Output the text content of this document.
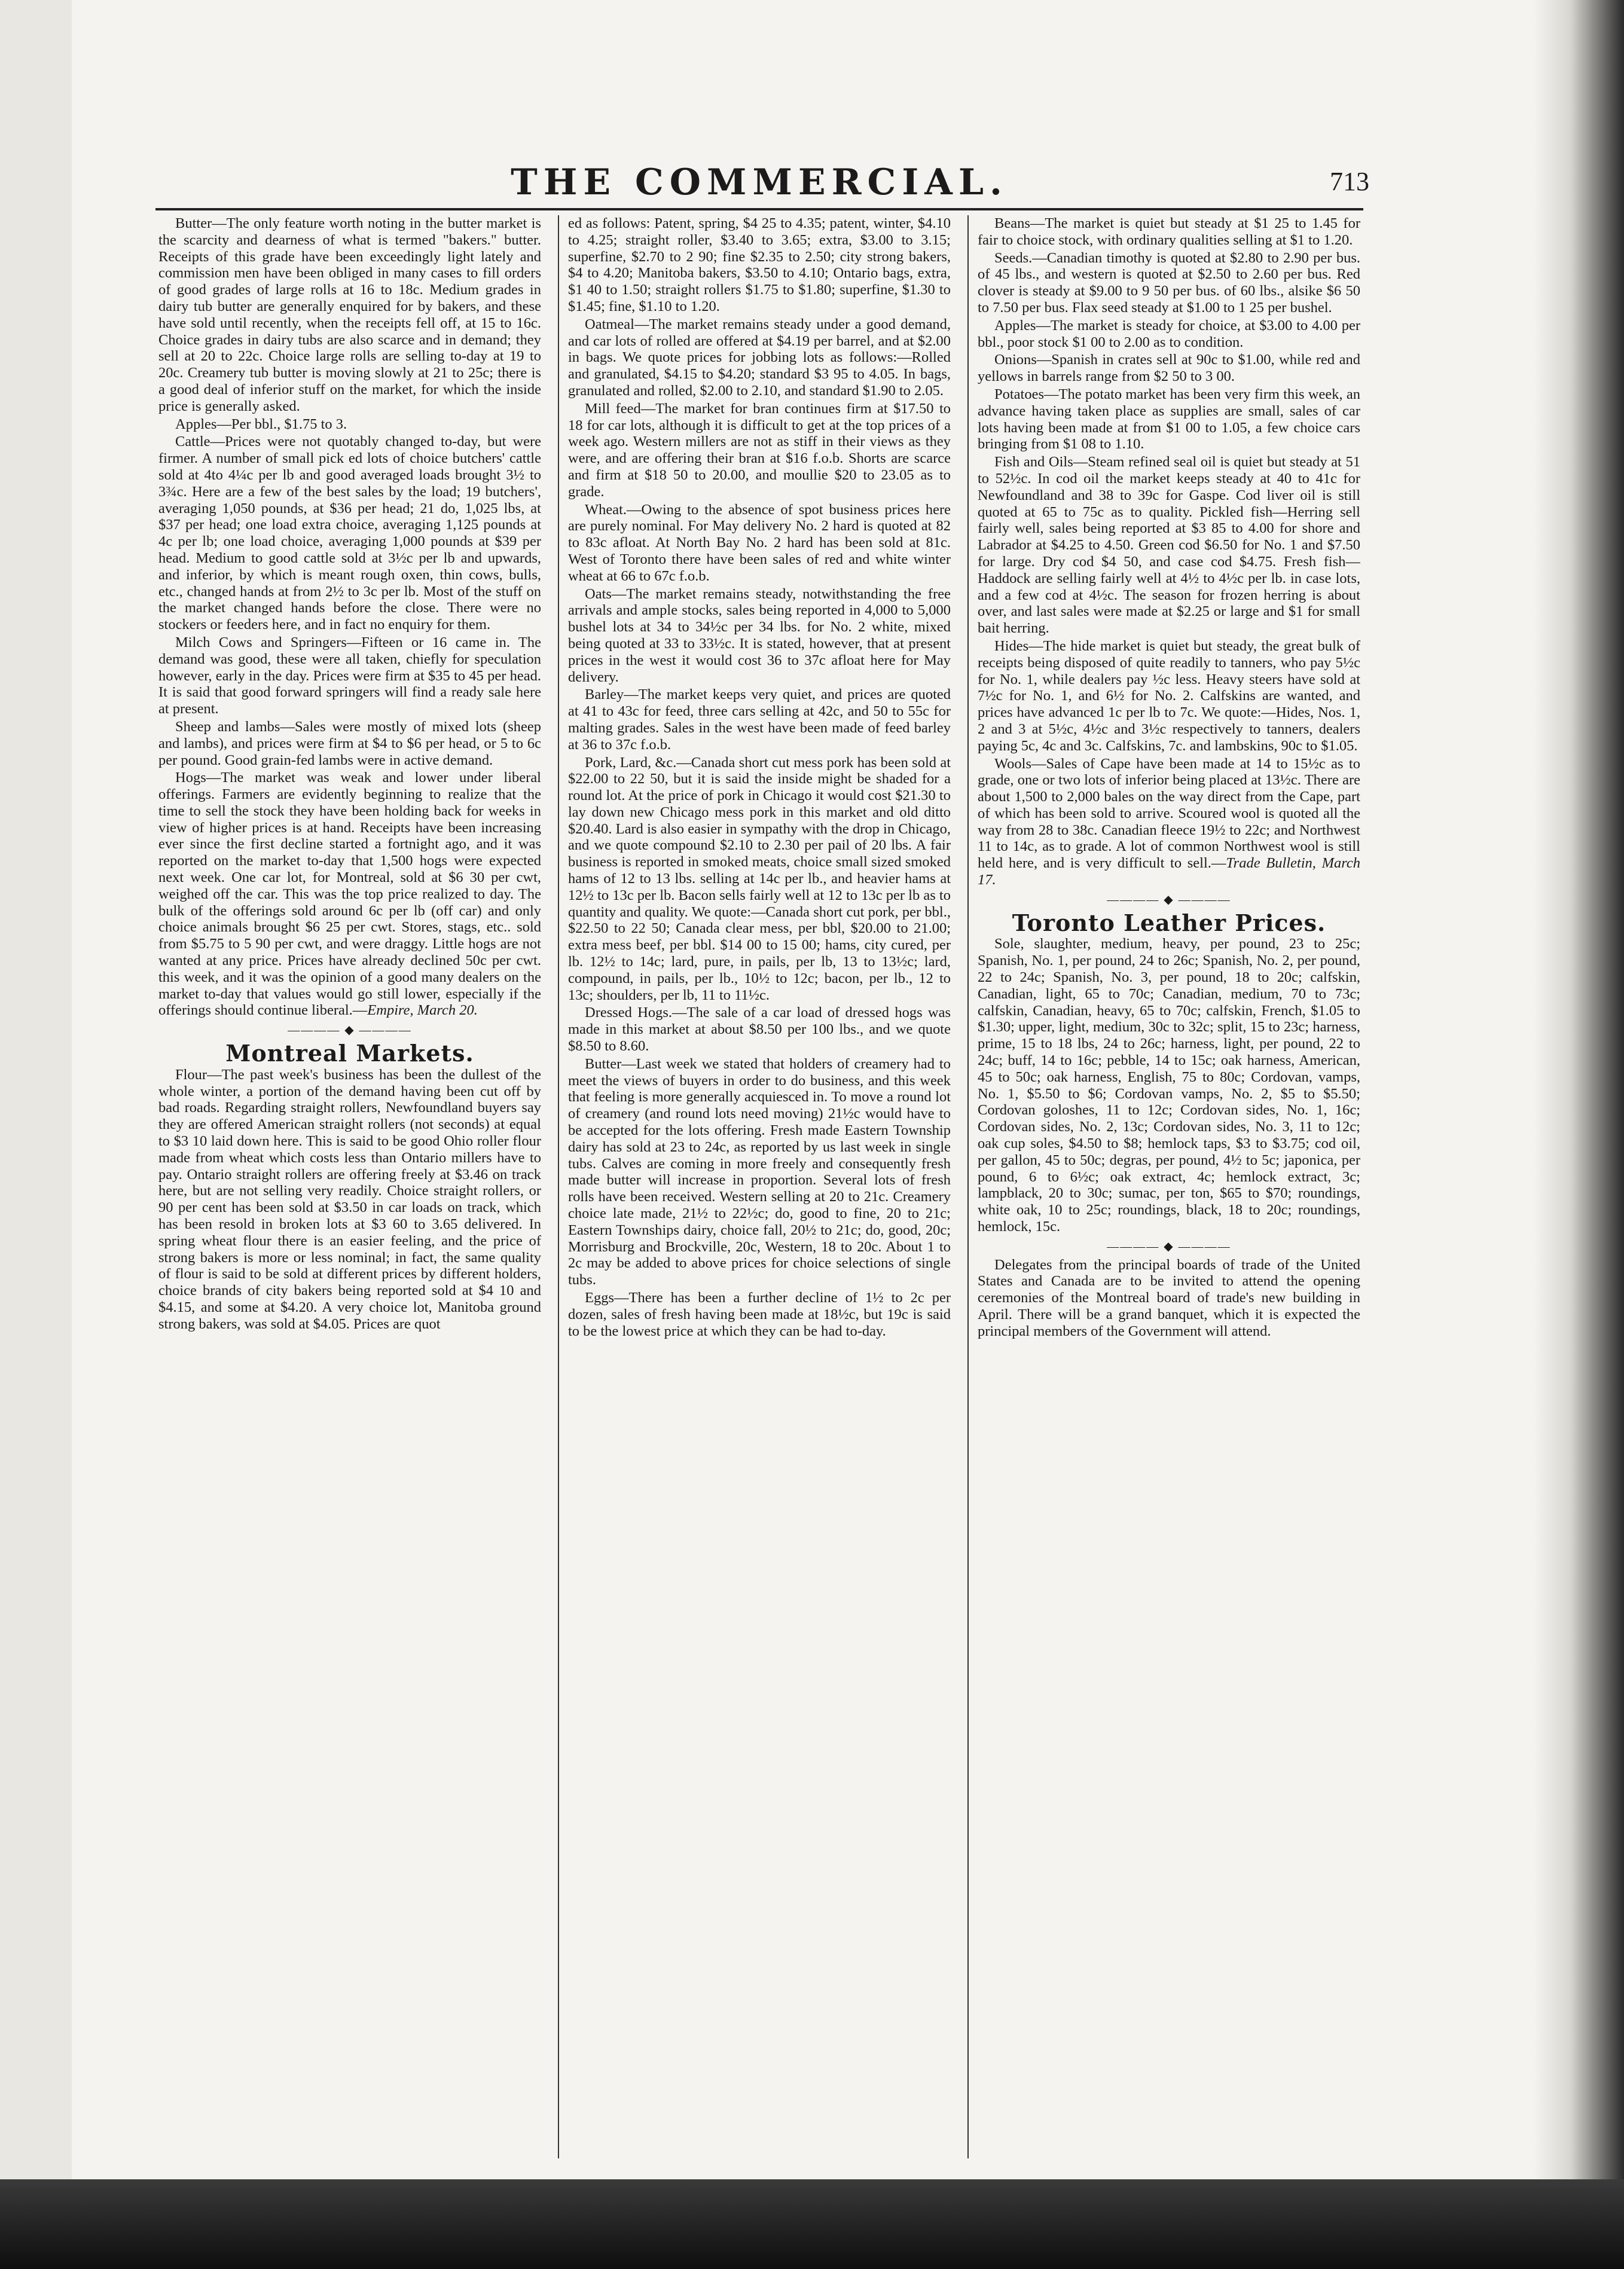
THE COMMERCIAL.	713

Butter—The only feature worth noting in the butter market is the scarcity and dearness of what is termed "bakers." butter. Receipts of this grade have been exceedingly light lately and commission men have been obliged in many cases to fill orders of good grades of large rolls at 16 to 18c. Medium grades in dairy tub butter are generally enquired for by bakers, and these have sold until recently, when the receipts fell off, at 15 to 16c. Choice grades in dairy tubs are also scarce and in demand; they sell at 20 to 22c. Choice large rolls are selling to-day at 19 to 20c. Creamery tub butter is moving slowly at 21 to 25c; there is a good deal of inferior stuff on the market, for which the inside price is generally asked.

Apples—Per bbl., $1.75 to 3.

Cattle—Prices were not quotably changed to-day, but were firmer. A number of small pick ed lots of choice butchers' cattle sold at 4to 4¼c per lb and good averaged loads brought 3½ to 3¾c. Here are a few of the best sales by the load; 19 butchers', averaging 1,050 pounds, at $36 per head; 21 do, 1,025 lbs, at $37 per head; one load extra choice, averaging 1,125 pounds at 4c per lb; one load choice, averaging 1,000 pounds at $39 per head. Medium to good cattle sold at 3½c per lb and upwards, and inferior, by which is meant rough oxen, thin cows, bulls, etc., changed hands at from 2½ to 3c per lb. Most of the stuff on the market changed hands before the close. There were no stockers or feeders here, and in fact no enquiry for them.

Milch Cows and Springers—Fifteen or 16 came in. The demand was good, these were all taken, chiefly for speculation however, early in the day. Prices were firm at $35 to 45 per head. It is said that good forward springers will find a ready sale here at present.

Sheep and lambs—Sales were mostly of mixed lots (sheep and lambs), and prices were firm at $4 to $6 per head, or 5 to 6c per pound. Good grain-fed lambs were in active demand.

Hogs—The market was weak and lower under liberal offerings. Farmers are evidently beginning to realize that the time to sell the stock they have been holding back for weeks in view of higher prices is at hand. Receipts have been increasing ever since the first decline started a fortnight ago, and it was reported on the market to-day that 1,500 hogs were expected next week. One car lot, for Montreal, sold at $6 30 per cwt, weighed off the car. This was the top price realized to day. The bulk of the offerings sold around 6c per lb (off car) and only choice animals brought $6 25 per cwt. Stores, stags, etc.. sold from $5.75 to 5 90 per cwt, and were draggy. Little hogs are not wanted at any price. Prices have already declined 50c per cwt. this week, and it was the opinion of a good many dealers on the market to-day that values would go still lower, especially if the offerings should continue liberal.—Empire, March 20.

———— ◆ ————
Montreal Markets.

Flour—The past week's business has been the dullest of the whole winter, a portion of the demand having been cut off by bad roads. Regarding straight rollers, Newfoundland buyers say they are offered American straight rollers (not seconds) at equal to $3 10 laid down here. This is said to be good Ohio roller flour made from wheat which costs less than Ontario millers have to pay. Ontario straight rollers are offering freely at $3.46 on track here, but are not selling very readily. Choice straight rollers, or 90 per cent has been sold at $3.50 in car loads on track, which has been resold in broken lots at $3 60 to 3.65 delivered. In spring wheat flour there is an easier feeling, and the price of strong bakers is more or less nominal; in fact, the same quality of flour is said to be sold at different prices by different holders, choice brands of city bakers being reported sold at $4 10 and $4.15, and some at $4.20. A very choice lot, Manitoba ground strong bakers, was sold at $4.05. Prices are quot

ed as follows: Patent, spring, $4 25 to 4.35; patent, winter, $4.10 to 4.25; straight roller, $3.40 to 3.65; extra, $3.00 to 3.15; superfine, $2.70 to 2 90; fine $2.35 to 2.50; city strong bakers, $4 to 4.20; Manitoba bakers, $3.50 to 4.10; Ontario bags, extra, $1 40 to 1.50; straight rollers $1.75 to $1.80; superfine, $1.30 to $1.45; fine, $1.10 to 1.20.

Oatmeal—The market remains steady under a good demand, and car lots of rolled are offered at $4.19 per barrel, and at $2.00 in bags. We quote prices for jobbing lots as follows:—Rolled and granulated, $4.15 to $4.20; standard $3 95 to 4.05. In bags, granulated and rolled, $2.00 to 2.10, and standard $1.90 to 2.05.

Mill feed—The market for bran continues firm at $17.50 to 18 for car lots, although it is difficult to get at the top prices of a week ago. Western millers are not as stiff in their views as they were, and are offering their bran at $16 f.o.b. Shorts are scarce and firm at $18 50 to 20.00, and moullie $20 to 23.05 as to grade.

Wheat.—Owing to the absence of spot business prices here are purely nominal. For May delivery No. 2 hard is quoted at 82 to 83c afloat. At North Bay No. 2 hard has been sold at 81c. West of Toronto there have been sales of red and white winter wheat at 66 to 67c f.o.b.

Oats—The market remains steady, notwithstanding the free arrivals and ample stocks, sales being reported in 4,000 to 5,000 bushel lots at 34 to 34½c per 34 lbs. for No. 2 white, mixed being quoted at 33 to 33½c. It is stated, however, that at present prices in the west it would cost 36 to 37c afloat here for May delivery.

Barley—The market keeps very quiet, and prices are quoted at 41 to 43c for feed, three cars selling at 42c, and 50 to 55c for malting grades. Sales in the west have been made of feed barley at 36 to 37c f.o.b.

Pork, Lard, &c.—Canada short cut mess pork has been sold at $22.00 to 22 50, but it is said the inside might be shaded for a round lot. At the price of pork in Chicago it would cost $21.30 to lay down new Chicago mess pork in this market and old ditto $20.40. Lard is also easier in sympathy with the drop in Chicago, and we quote compound $2.10 to 2.30 per pail of 20 lbs. A fair business is reported in smoked meats, choice small sized smoked hams of 12 to 13 lbs. selling at 14c per lb., and heavier hams at 12½ to 13c per lb. Bacon sells fairly well at 12 to 13c per lb as to quantity and quality. We quote:—Canada short cut pork, per bbl., $22.50 to 22 50; Canada clear mess, per bbl, $20.00 to 21.00; extra mess beef, per bbl. $14 00 to 15 00; hams, city cured, per lb. 12½ to 14c; lard, pure, in pails, per lb, 13 to 13½c; lard, compound, in pails, per lb., 10½ to 12c; bacon, per lb., 12 to 13c; shoulders, per lb, 11 to 11½c.

Dressed Hogs.—The sale of a car load of dressed hogs was made in this market at about $8.50 per 100 lbs., and we quote $8.50 to 8.60.

Butter—Last week we stated that holders of creamery had to meet the views of buyers in order to do business, and this week that feeling is more generally acquiesced in. To move a round lot of creamery (and round lots need moving) 21½c would have to be accepted for the lots offering. Fresh made Eastern Township dairy has sold at 23 to 24c, as reported by us last week in single tubs. Calves are coming in more freely and consequently fresh made butter will increase in proportion. Several lots of fresh rolls have been received. Western selling at 20 to 21c. Creamery choice late made, 21½ to 22½c; do, good to fine, 20 to 21c; Eastern Townships dairy, choice fall, 20½ to 21c; do, good, 20c; Morrisburg and Brockville, 20c, Western, 18 to 20c. About 1 to 2c may be added to above prices for choice selections of single tubs.

Eggs—There has been a further decline of 1½ to 2c per dozen, sales of fresh having been made at 18½c, but 19c is said to be the lowest price at which they can be had to-day.

Beans—The market is quiet but steady at $1 25 to 1.45 for fair to choice stock, with ordinary qualities selling at $1 to 1.20.

Seeds.—Canadian timothy is quoted at $2.80 to 2.90 per bus. of 45 lbs., and western is quoted at $2.50 to 2.60 per bus. Red clover is steady at $9.00 to 9 50 per bus. of 60 lbs., alsike $6 50 to 7.50 per bus. Flax seed steady at $1.00 to 1 25 per bushel.

Apples—The market is steady for choice, at $3.00 to 4.00 per bbl., poor stock $1 00 to 2.00 as to condition.

Onions—Spanish in crates sell at 90c to $1.00, while red and yellows in barrels range from $2 50 to 3 00.

Potatoes—The potato market has been very firm this week, an advance having taken place as supplies are small, sales of car lots having been made at from $1 00 to 1.05, a few choice cars bringing from $1 08 to 1.10.

Fish and Oils—Steam refined seal oil is quiet but steady at 51 to 52½c. In cod oil the market keeps steady at 40 to 41c for Newfoundland and 38 to 39c for Gaspe. Cod liver oil is still quoted at 65 to 75c as to quality. Pickled fish—Herring sell fairly well, sales being reported at $3 85 to 4.00 for shore and Labrador at $4.25 to 4.50. Green cod $6.50 for No. 1 and $7.50 for large. Dry cod $4 50, and case cod $4.75. Fresh fish—Haddock are selling fairly well at 4½ to 4½c per lb. in case lots, and a few cod at 4½c. The season for frozen herring is about over, and last sales were made at $2.25 or large and $1 for small bait herring.

Hides—The hide market is quiet but steady, the great bulk of receipts being disposed of quite readily to tanners, who pay 5½c for No. 1, while dealers pay ½c less. Heavy steers have sold at 7½c for No. 1, and 6½ for No. 2. Calfskins are wanted, and prices have advanced 1c per lb to 7c. We quote:—Hides, Nos. 1, 2 and 3 at 5½c, 4½c and 3½c respectively to tanners, dealers paying 5c, 4c and 3c. Calfskins, 7c. and lambskins, 90c to $1.05.

Wools—Sales of Cape have been made at 14 to 15½c as to grade, one or two lots of inferior being placed at 13½c. There are about 1,500 to 2,000 bales on the way direct from the Cape, part of which has been sold to arrive. Scoured wool is quoted all the way from 28 to 38c. Canadian fleece 19½ to 22c; and Northwest 11 to 14c, as to grade. A lot of common Northwest wool is still held here, and is very difficult to sell.—Trade Bulletin, March 17.

———— ◆ ————
Toronto Leather Prices.

Sole, slaughter, medium, heavy, per pound, 23 to 25c; Spanish, No. 1, per pound, 24 to 26c; Spanish, No. 2, per pound, 22 to 24c; Spanish, No. 3, per pound, 18 to 20c; calfskin, Canadian, light, 65 to 70c; Canadian, medium, 70 to 73c; calfskin, Canadian, heavy, 65 to 70c; calfskin, French, $1.05 to $1.30; upper, light, medium, 30c to 32c; split, 15 to 23c; harness, prime, 15 to 18 lbs, 24 to 26c; harness, light, per pound, 22 to 24c; buff, 14 to 16c; pebble, 14 to 15c; oak harness, American, 45 to 50c; oak harness, English, 75 to 80c; Cordovan, vamps, No. 1, $5.50 to $6; Cordovan vamps, No. 2, $5 to $5.50; Cordovan goloshes, 11 to 12c; Cordovan sides, No. 1, 16c; Cordovan sides, No. 2, 13c; Cordovan sides, No. 3, 11 to 12c; oak cup soles, $4.50 to $8; hemlock taps, $3 to $3.75; cod oil, per gallon, 45 to 50c; degras, per pound, 4½ to 5c; japonica, per pound, 6 to 6½c; oak extract, 4c; hemlock extract, 3c; lampblack, 20 to 30c; sumac, per ton, $65 to $70; roundings, white oak, 10 to 25c; roundings, black, 18 to 20c; roundings, hemlock, 15c.

———— ◆ ————

Delegates from the principal boards of trade of the United States and Canada are to be invited to attend the opening ceremonies of the Montreal board of trade's new building in April. There will be a grand banquet, which it is expected the principal members of the Government will attend.
